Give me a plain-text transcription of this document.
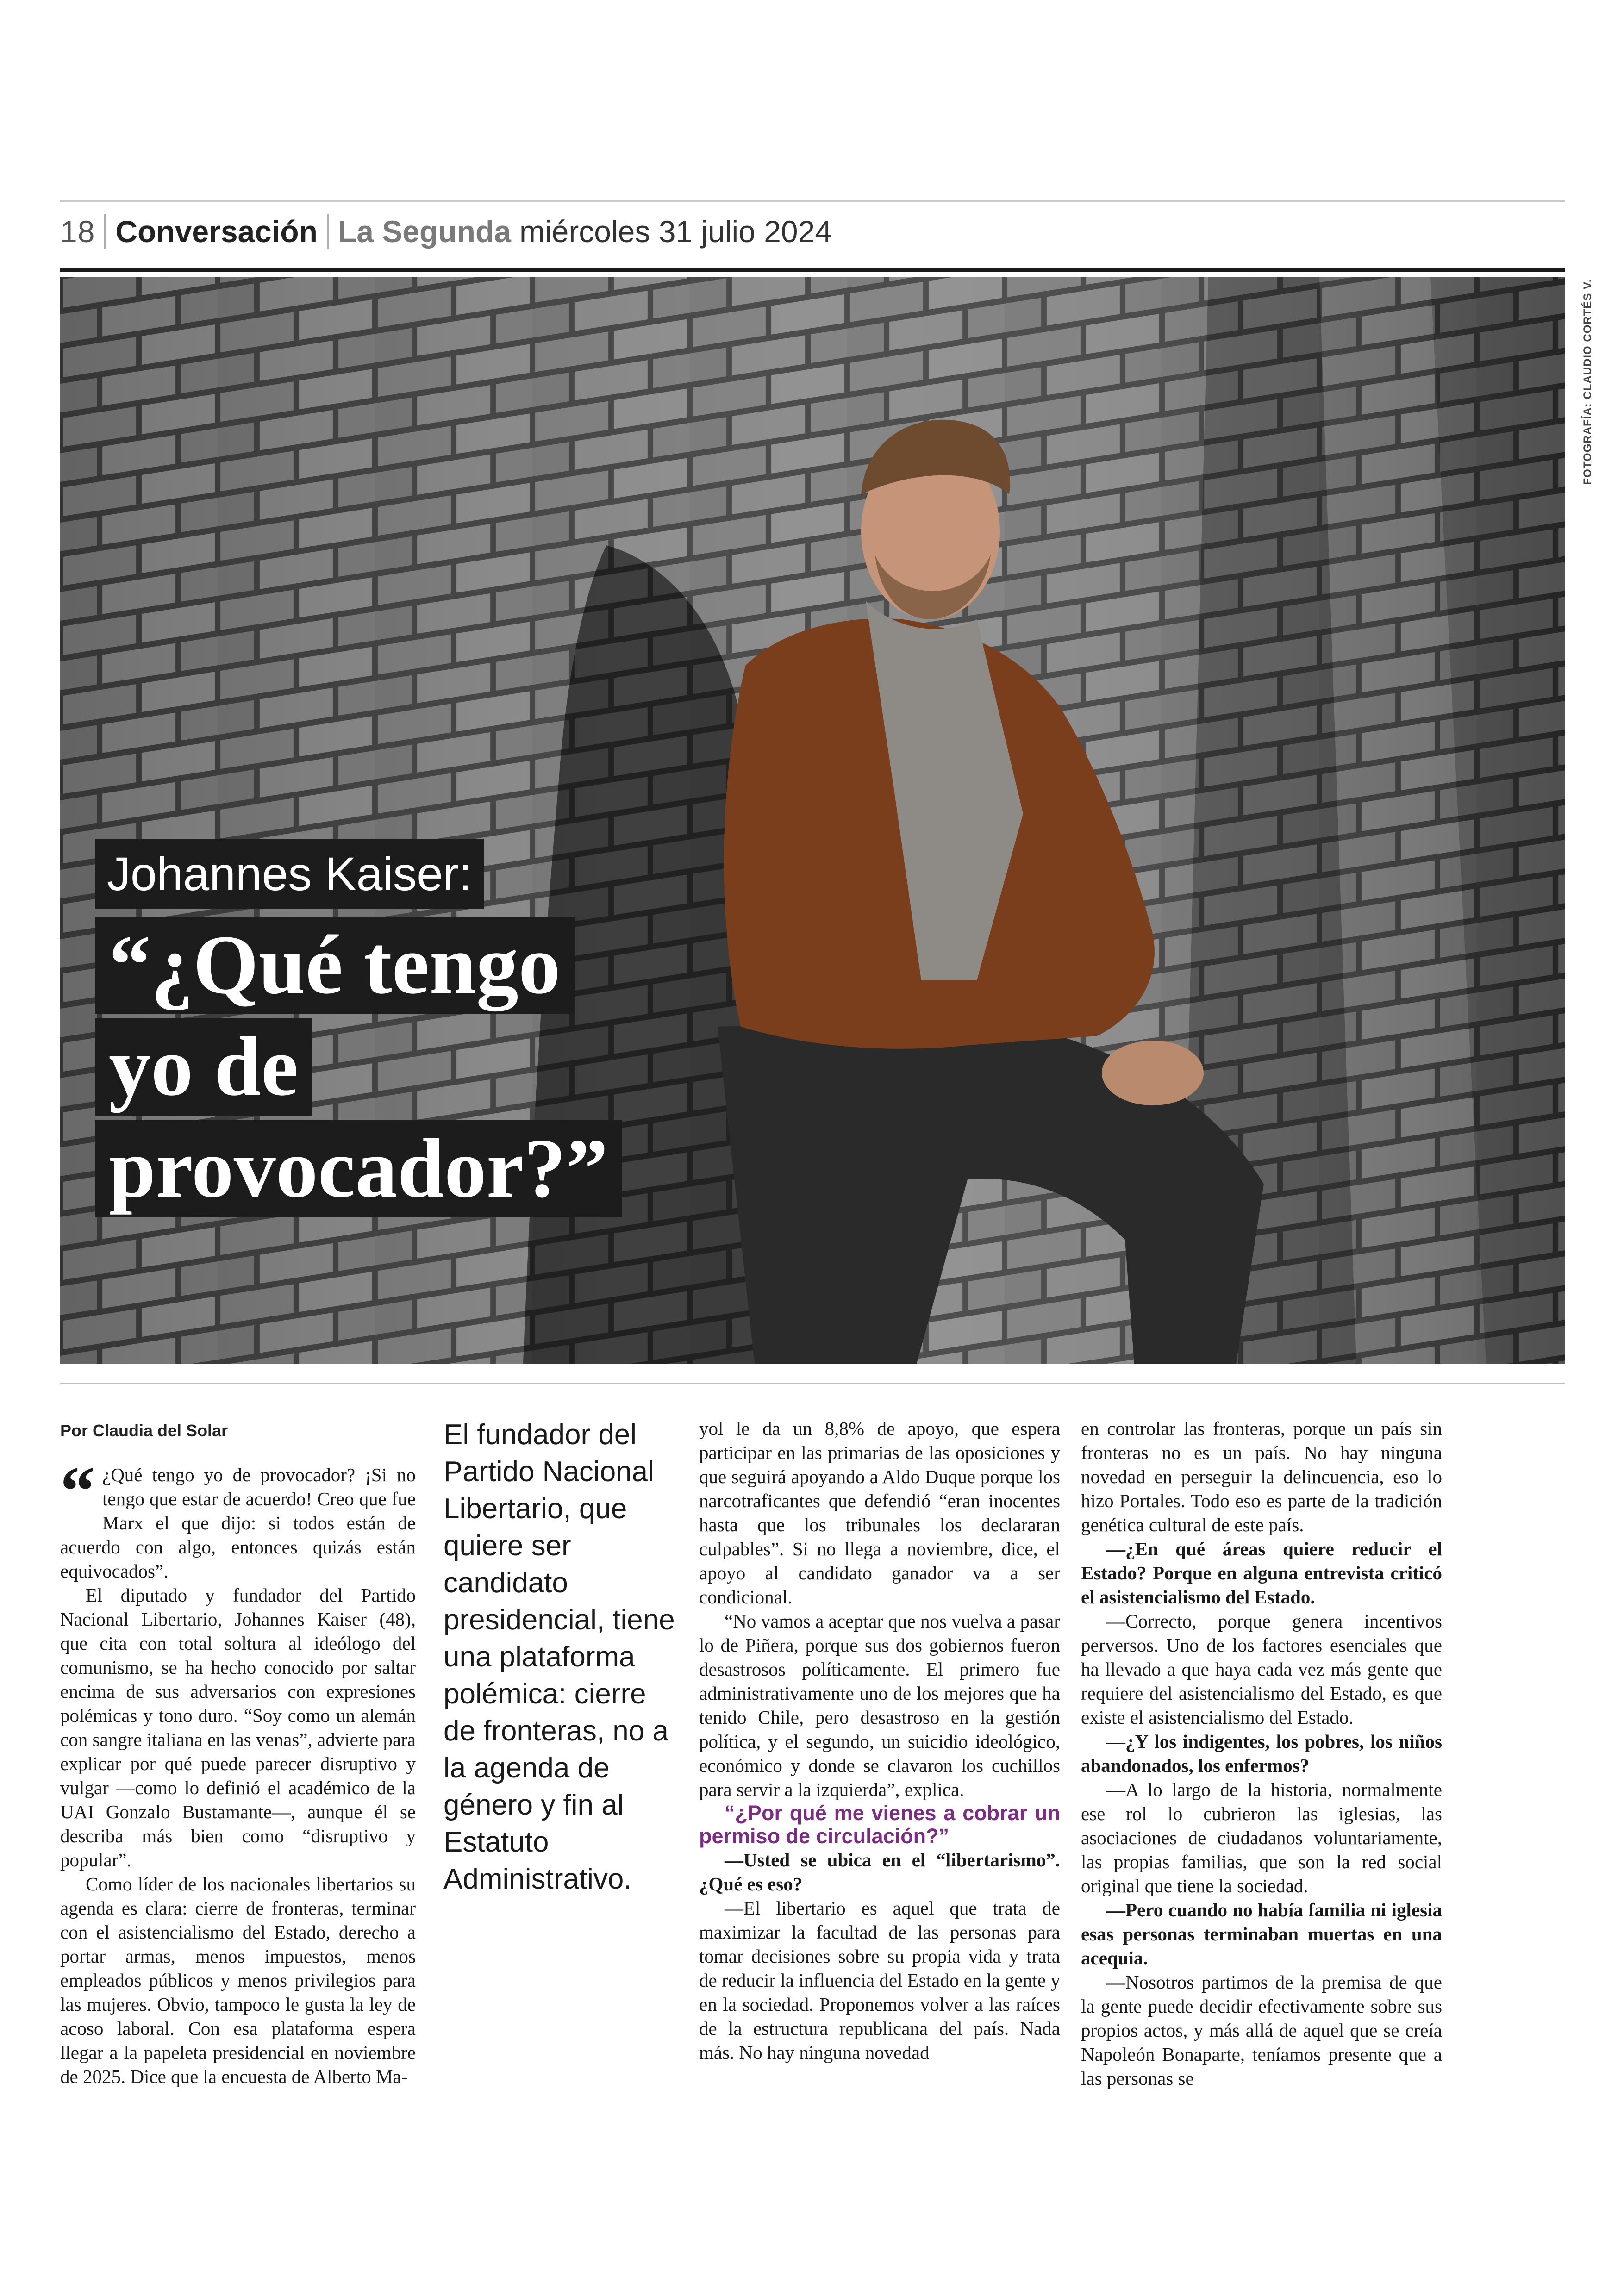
18 Conversación La Segunda miércoles 31 julio 2024
FOTOGRAFÍA: CLAUDIO CORTÉS V.
Johannes Kaiser:
“¿Qué tengo
yo de
provocador?”
Por Claudia del Solar

“ ¿Qué tengo yo de provocador? ¡Si no tengo que estar de acuerdo! Creo que fue Marx el que dijo: si todos están de acuerdo con algo, entonces quizás están equivocados”.

El diputado y fundador del Partido Nacional Libertario, Johannes Kaiser (48), que cita con total soltura al ideólogo del comunismo, se ha hecho conocido por saltar encima de sus adversarios con expresiones polémicas y tono duro. “Soy como un alemán con sangre italiana en las venas”, advierte para explicar por qué puede parecer disruptivo y vulgar —como lo definió el académico de la UAI Gonzalo Bustamante—, aunque él se describa más bien como “disruptivo y popular”.

Como líder de los nacionales libertarios su agenda es clara: cierre de fronteras, terminar con el asistencialismo del Estado, derecho a portar armas, menos impuestos, menos empleados públicos y menos privilegios para las mujeres. Obvio, tampoco le gusta la ley de acoso laboral. Con esa plataforma espera llegar a la papeleta presidencial en noviembre de 2025. Dice que la encuesta de Alberto Ma-

El fundador del Partido Nacional Libertario, que quiere ser candidato presidencial, tiene una plataforma polémica: cierre de fronteras, no a la agenda de género y fin al Estatuto Administrativo.

yol le da un 8,8% de apoyo, que espera participar en las primarias de las oposiciones y que seguirá apoyando a Aldo Duque porque los narcotraficantes que defendió “eran inocentes hasta que los tribunales los declararan culpables”. Si no llega a noviembre, dice, el apoyo al candidato ganador va a ser condicional.

“No vamos a aceptar que nos vuelva a pasar lo de Piñera, porque sus dos gobiernos fueron desastrosos políticamente. El primero fue administrativamente uno de los mejores que ha tenido Chile, pero desastroso en la gestión política, y el segundo, un suicidio ideológico, económico y donde se clavaron los cuchillos para servir a la izquierda”, explica.

“¿Por qué me vienes a cobrar un permiso de circulación?”

—Usted se ubica en el “libertarismo”. ¿Qué es eso?

—El libertario es aquel que trata de maximizar la facultad de las personas para tomar decisiones sobre su propia vida y trata de reducir la influencia del Estado en la gente y en la sociedad. Proponemos volver a las raíces de la estructura republicana del país. Nada más. No hay ninguna novedad

en controlar las fronteras, porque un país sin fronteras no es un país. No hay ninguna novedad en perseguir la delincuencia, eso lo hizo Portales. Todo eso es parte de la tradición genética cultural de este país.

—¿En qué áreas quiere reducir el Estado? Porque en alguna entrevista criticó el asistencialismo del Estado.

—Correcto, porque genera incentivos perversos. Uno de los factores esenciales que ha llevado a que haya cada vez más gente que requiere del asistencialismo del Estado, es que existe el asistencialismo del Estado.

—¿Y los indigentes, los pobres, los niños abandonados, los enfermos?

—A lo largo de la historia, normalmente ese rol lo cubrieron las iglesias, las asociaciones de ciudadanos voluntariamente, las propias familias, que son la red social original que tiene la sociedad.

—Pero cuando no había familia ni iglesia esas personas terminaban muertas en una acequia.

—Nosotros partimos de la premisa de que la gente puede decidir efectivamente sobre sus propios actos, y más allá de aquel que se creía Napoleón Bonaparte, teníamos presente que a las personas se
